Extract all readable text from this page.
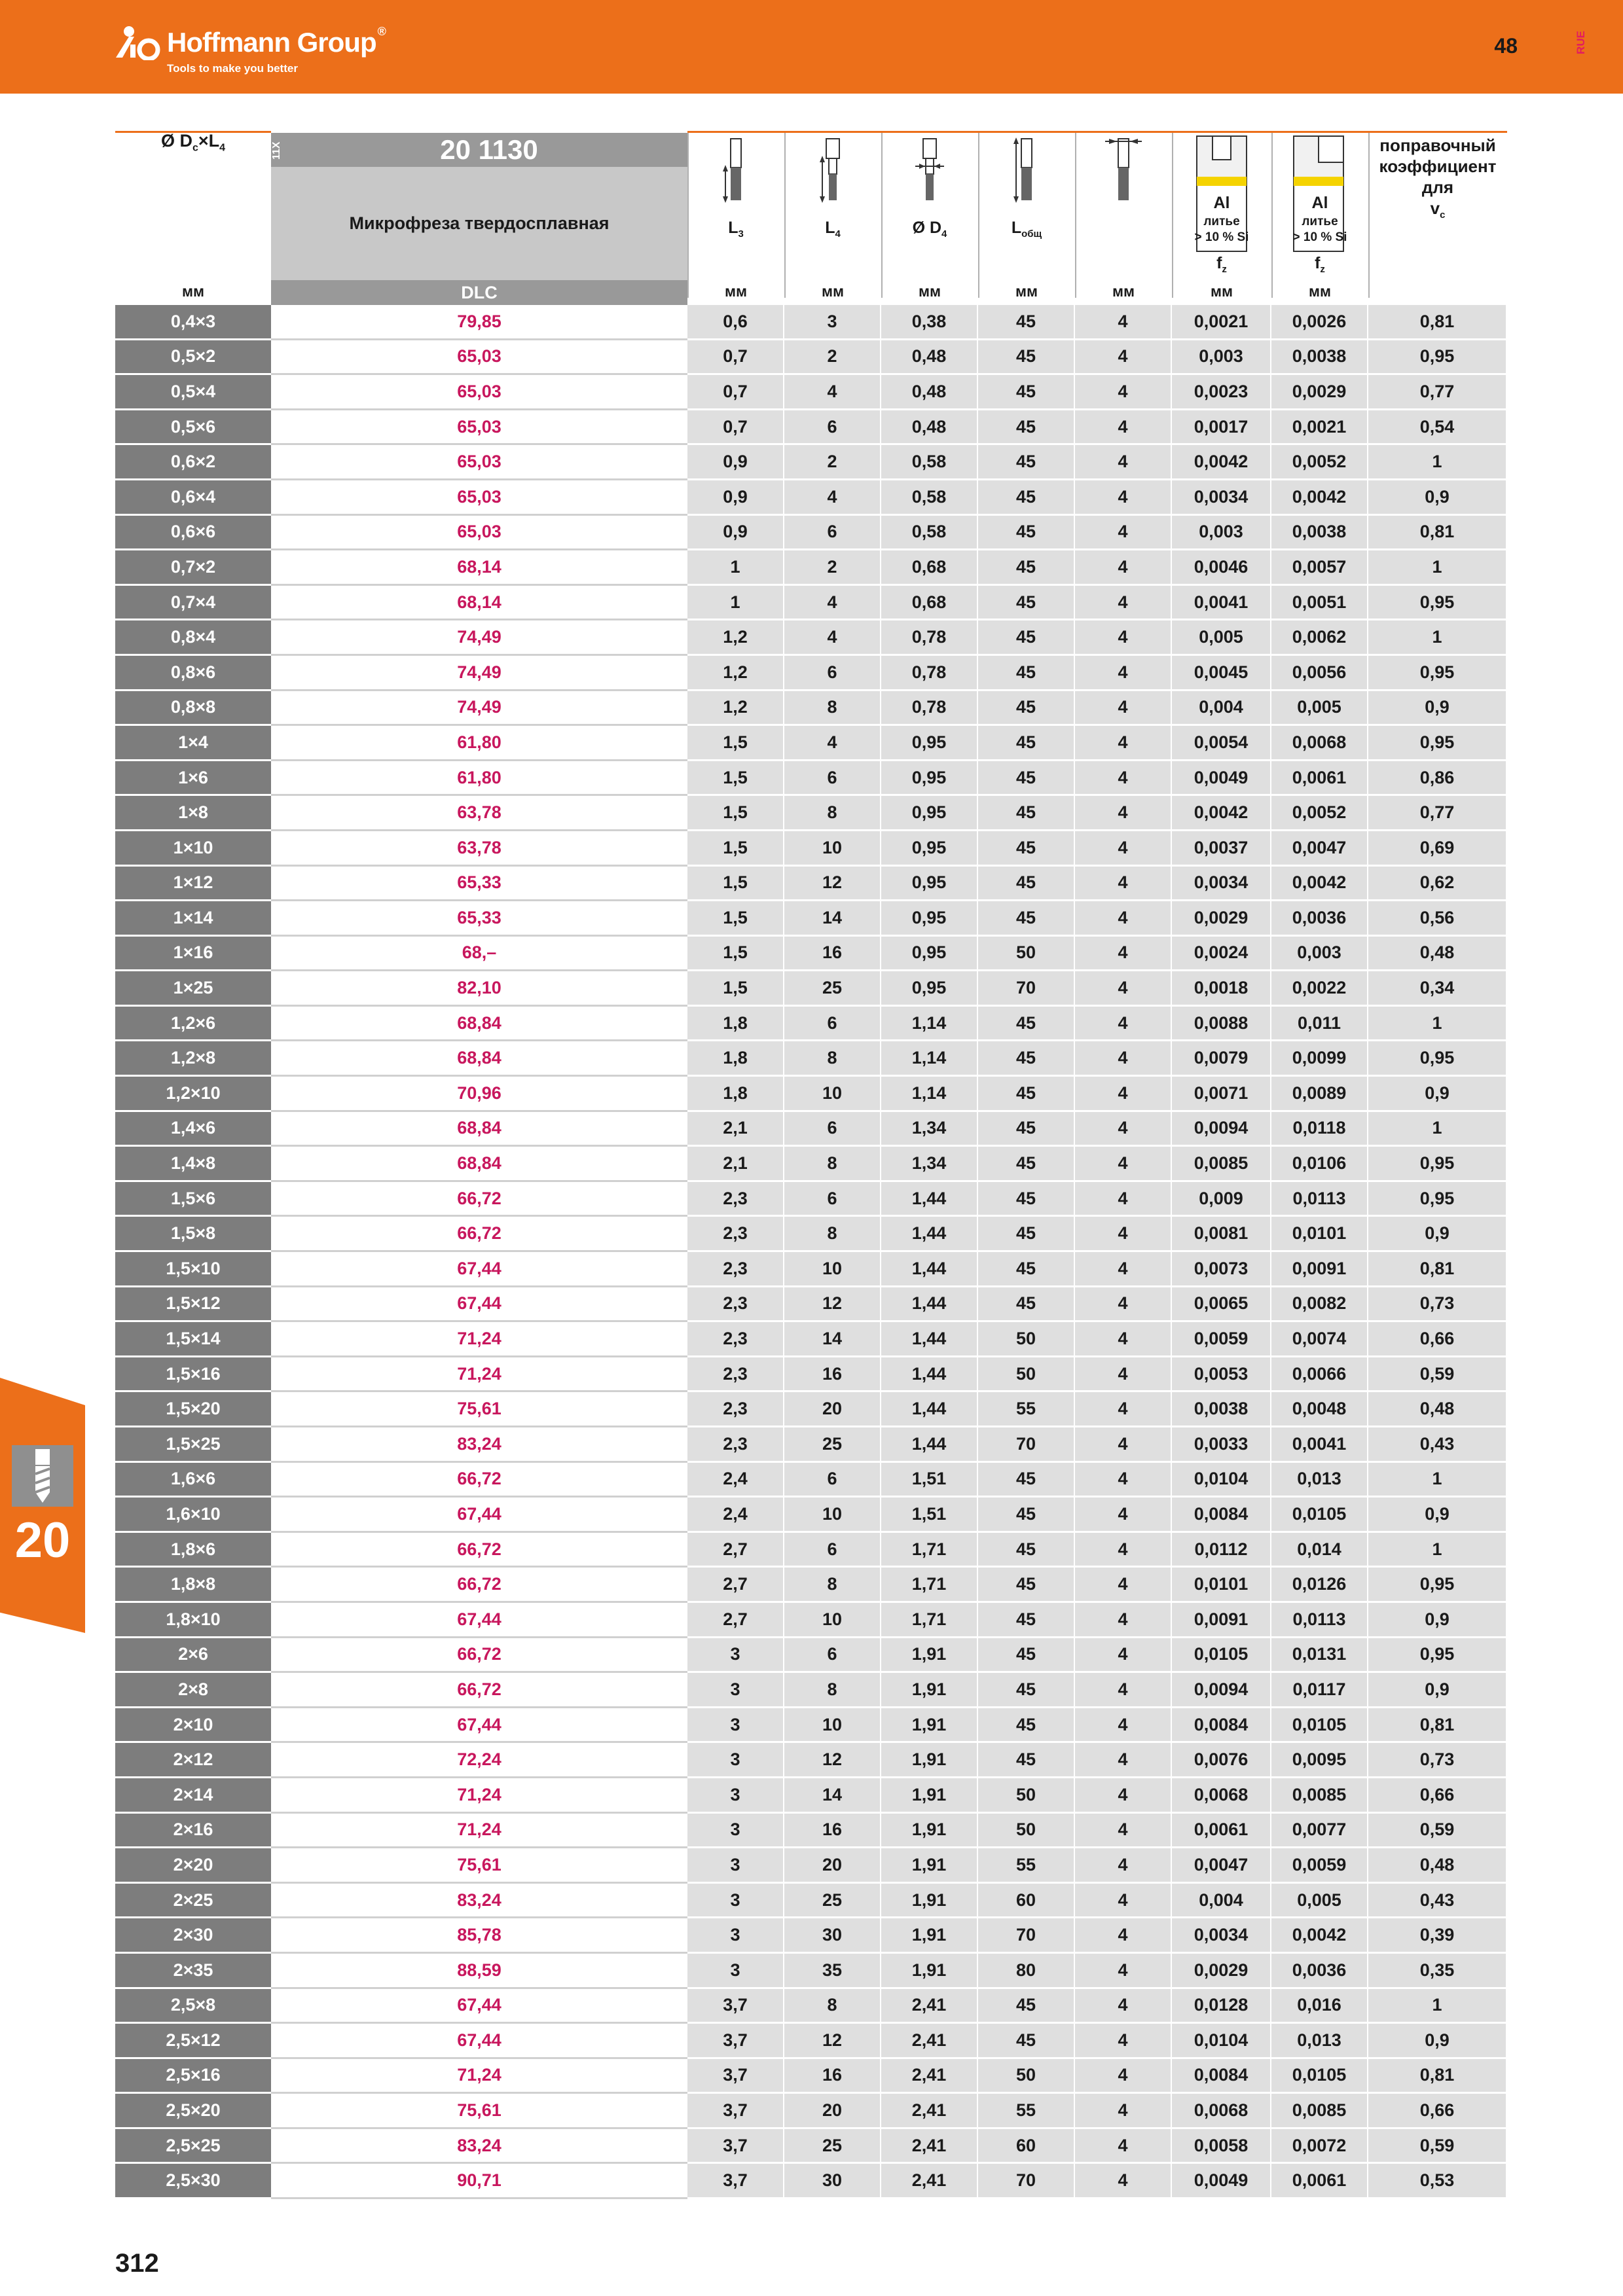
Hoffmann Group ®
Tools to make you better
48	RUE
20
Ø $D_c\times L_4$	11X	20 1130
Микрофреза твердосплавная
DLC
мм
$L_3$	$L_4$	Ø $D_4$	$L_{общ}$
Al
литье
> 10 % Si
$f_z$
Al
литье
> 10 % Si
$f_z$
поправочный коэффициент для
$v_c$
мм	мм	мм	мм	мм	мм	мм
0,4×3	79,85	0,6	3	0,38	45	4	0,0021	0,0026	0,81
0,5×2	65,03	0,7	2	0,48	45	4	0,003	0,0038	0,95
0,5×4	65,03	0,7	4	0,48	45	4	0,0023	0,0029	0,77
0,5×6	65,03	0,7	6	0,48	45	4	0,0017	0,0021	0,54
0,6×2	65,03	0,9	2	0,58	45	4	0,0042	0,0052	1
0,6×4	65,03	0,9	4	0,58	45	4	0,0034	0,0042	0,9
0,6×6	65,03	0,9	6	0,58	45	4	0,003	0,0038	0,81
0,7×2	68,14	1	2	0,68	45	4	0,0046	0,0057	1
0,7×4	68,14	1	4	0,68	45	4	0,0041	0,0051	0,95
0,8×4	74,49	1,2	4	0,78	45	4	0,005	0,0062	1
0,8×6	74,49	1,2	6	0,78	45	4	0,0045	0,0056	0,95
0,8×8	74,49	1,2	8	0,78	45	4	0,004	0,005	0,9
1×4	61,80	1,5	4	0,95	45	4	0,0054	0,0068	0,95
1×6	61,80	1,5	6	0,95	45	4	0,0049	0,0061	0,86
1×8	63,78	1,5	8	0,95	45	4	0,0042	0,0052	0,77
1×10	63,78	1,5	10	0,95	45	4	0,0037	0,0047	0,69
1×12	65,33	1,5	12	0,95	45	4	0,0034	0,0042	0,62
1×14	65,33	1,5	14	0,95	45	4	0,0029	0,0036	0,56
1×16	68,–	1,5	16	0,95	50	4	0,0024	0,003	0,48
1×25	82,10	1,5	25	0,95	70	4	0,0018	0,0022	0,34
1,2×6	68,84	1,8	6	1,14	45	4	0,0088	0,011	1
1,2×8	68,84	1,8	8	1,14	45	4	0,0079	0,0099	0,95
1,2×10	70,96	1,8	10	1,14	45	4	0,0071	0,0089	0,9
1,4×6	68,84	2,1	6	1,34	45	4	0,0094	0,0118	1
1,4×8	68,84	2,1	8	1,34	45	4	0,0085	0,0106	0,95
1,5×6	66,72	2,3	6	1,44	45	4	0,009	0,0113	0,95
1,5×8	66,72	2,3	8	1,44	45	4	0,0081	0,0101	0,9
1,5×10	67,44	2,3	10	1,44	45	4	0,0073	0,0091	0,81
1,5×12	67,44	2,3	12	1,44	45	4	0,0065	0,0082	0,73
1,5×14	71,24	2,3	14	1,44	50	4	0,0059	0,0074	0,66
1,5×16	71,24	2,3	16	1,44	50	4	0,0053	0,0066	0,59
1,5×20	75,61	2,3	20	1,44	55	4	0,0038	0,0048	0,48
1,5×25	83,24	2,3	25	1,44	70	4	0,0033	0,0041	0,43
1,6×6	66,72	2,4	6	1,51	45	4	0,0104	0,013	1
1,6×10	67,44	2,4	10	1,51	45	4	0,0084	0,0105	0,9
1,8×6	66,72	2,7	6	1,71	45	4	0,0112	0,014	1
1,8×8	66,72	2,7	8	1,71	45	4	0,0101	0,0126	0,95
1,8×10	67,44	2,7	10	1,71	45	4	0,0091	0,0113	0,9
2×6	66,72	3	6	1,91	45	4	0,0105	0,0131	0,95
2×8	66,72	3	8	1,91	45	4	0,0094	0,0117	0,9
2×10	67,44	3	10	1,91	45	4	0,0084	0,0105	0,81
2×12	72,24	3	12	1,91	45	4	0,0076	0,0095	0,73
2×14	71,24	3	14	1,91	50	4	0,0068	0,0085	0,66
2×16	71,24	3	16	1,91	50	4	0,0061	0,0077	0,59
2×20	75,61	3	20	1,91	55	4	0,0047	0,0059	0,48
2×25	83,24	3	25	1,91	60	4	0,004	0,005	0,43
2×30	85,78	3	30	1,91	70	4	0,0034	0,0042	0,39
2×35	88,59	3	35	1,91	80	4	0,0029	0,0036	0,35
2,5×8	67,44	3,7	8	2,41	45	4	0,0128	0,016	1
2,5×12	67,44	3,7	12	2,41	45	4	0,0104	0,013	0,9
2,5×16	71,24	3,7	16	2,41	50	4	0,0084	0,0105	0,81
2,5×20	75,61	3,7	20	2,41	55	4	0,0068	0,0085	0,66
2,5×25	83,24	3,7	25	2,41	60	4	0,0058	0,0072	0,59
2,5×30	90,71	3,7	30	2,41	70	4	0,0049	0,0061	0,53
312
